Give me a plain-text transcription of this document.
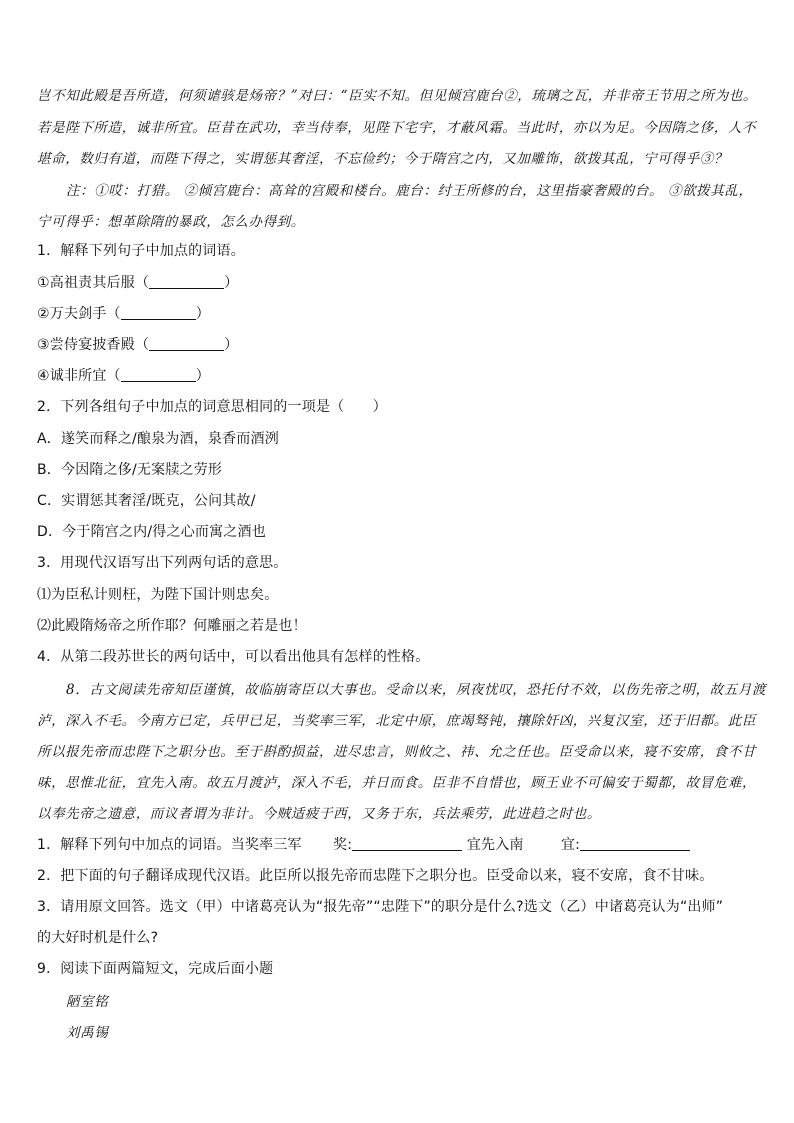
岂不知此殿是吾所造，何须谑骇是炀帝？”对曰：“臣实不知。但见倾宫鹿台②，琉璃之瓦，并非帝王节用之所为也。
若是陛下所造，诚非所宜。臣昔在武功，幸当侍奉，见陛下宅宇，才蔽风霜。当此时，亦以为足。今因隋之侈，人不
堪命，数归有道，而陛下得之，实谓惩其奢淫，不忘俭约；今于隋宫之内，又加雕饰，欲拨其乱，宁可得乎③？
注：①哎：打猎。 ②倾宫鹿台：高耸的宫殿和楼台。鹿台：纣王所修的台，这里指豪奢殿的台。 ③欲拨其乱，
宁可得乎：想革除隋的暴政，怎么办得到。
1．解释下列句子中加点的词语。
①高祖责其后服（	）
②万夫剑手（	）
③尝侍宴披香殿（	）
④诚非所宜（	）
2．下列各组句子中加点的词意思相同的一项是（　　）
A．遂笑而释之/酿泉为酒，泉香而酒洌
B．今因隋之侈/无案牍之劳形
C．实谓惩其奢淫/既克，公问其故/
D．今于隋宫之内/得之心而寓之酒也
3．用现代汉语写出下列两句话的意思。
⑴为臣私计则枉，为陛下国计则忠矣。
⑵此殿隋炀帝之所作耶？何雕丽之若是也！
4．从第二段苏世长的两句话中，可以看出他具有怎样的性格。
8．古文阅读先帝知臣谨慎，故临崩寄臣以大事也。受命以来，夙夜忧叹，恐托付不效，以伤先帝之明，故五月渡
泸，深入不毛。今南方已定，兵甲已足，当奖率三军，北定中原，庶竭驽钝，攘除奸凶，兴复汉室，还于旧都。此臣
所以报先帝而忠陛下之职分也。至于斟酌损益，进尽忠言，则攸之、祎、允之任也。臣受命以来，寝不安席，食不甘
味，思惟北征，宜先入南。故五月渡泸，深入不毛，并日而食。臣非不自惜也，顾王业不可偏安于蜀都，故冒危难，
以奉先帝之遗意，而议者谓为非计。今贼适疲于西，又务于东，兵法乘劳，此进趋之时也。
1．解释下列句中加点的词语。当奖率三军 奖:	宜先入南	宜:
2．把下面的句子翻译成现代汉语。此臣所以报先帝而忠陛下之职分也。臣受命以来，寝不安席，食不甘味。
3．请用原文回答。选文（甲）中诸葛亮认为“报先帝”“忠陛下”的职分是什么?选文（乙）中诸葛亮认为“出师”
的大好时机是什么?
9．阅读下面两篇短文，完成后面小题
陋室铭
刘禹锡
